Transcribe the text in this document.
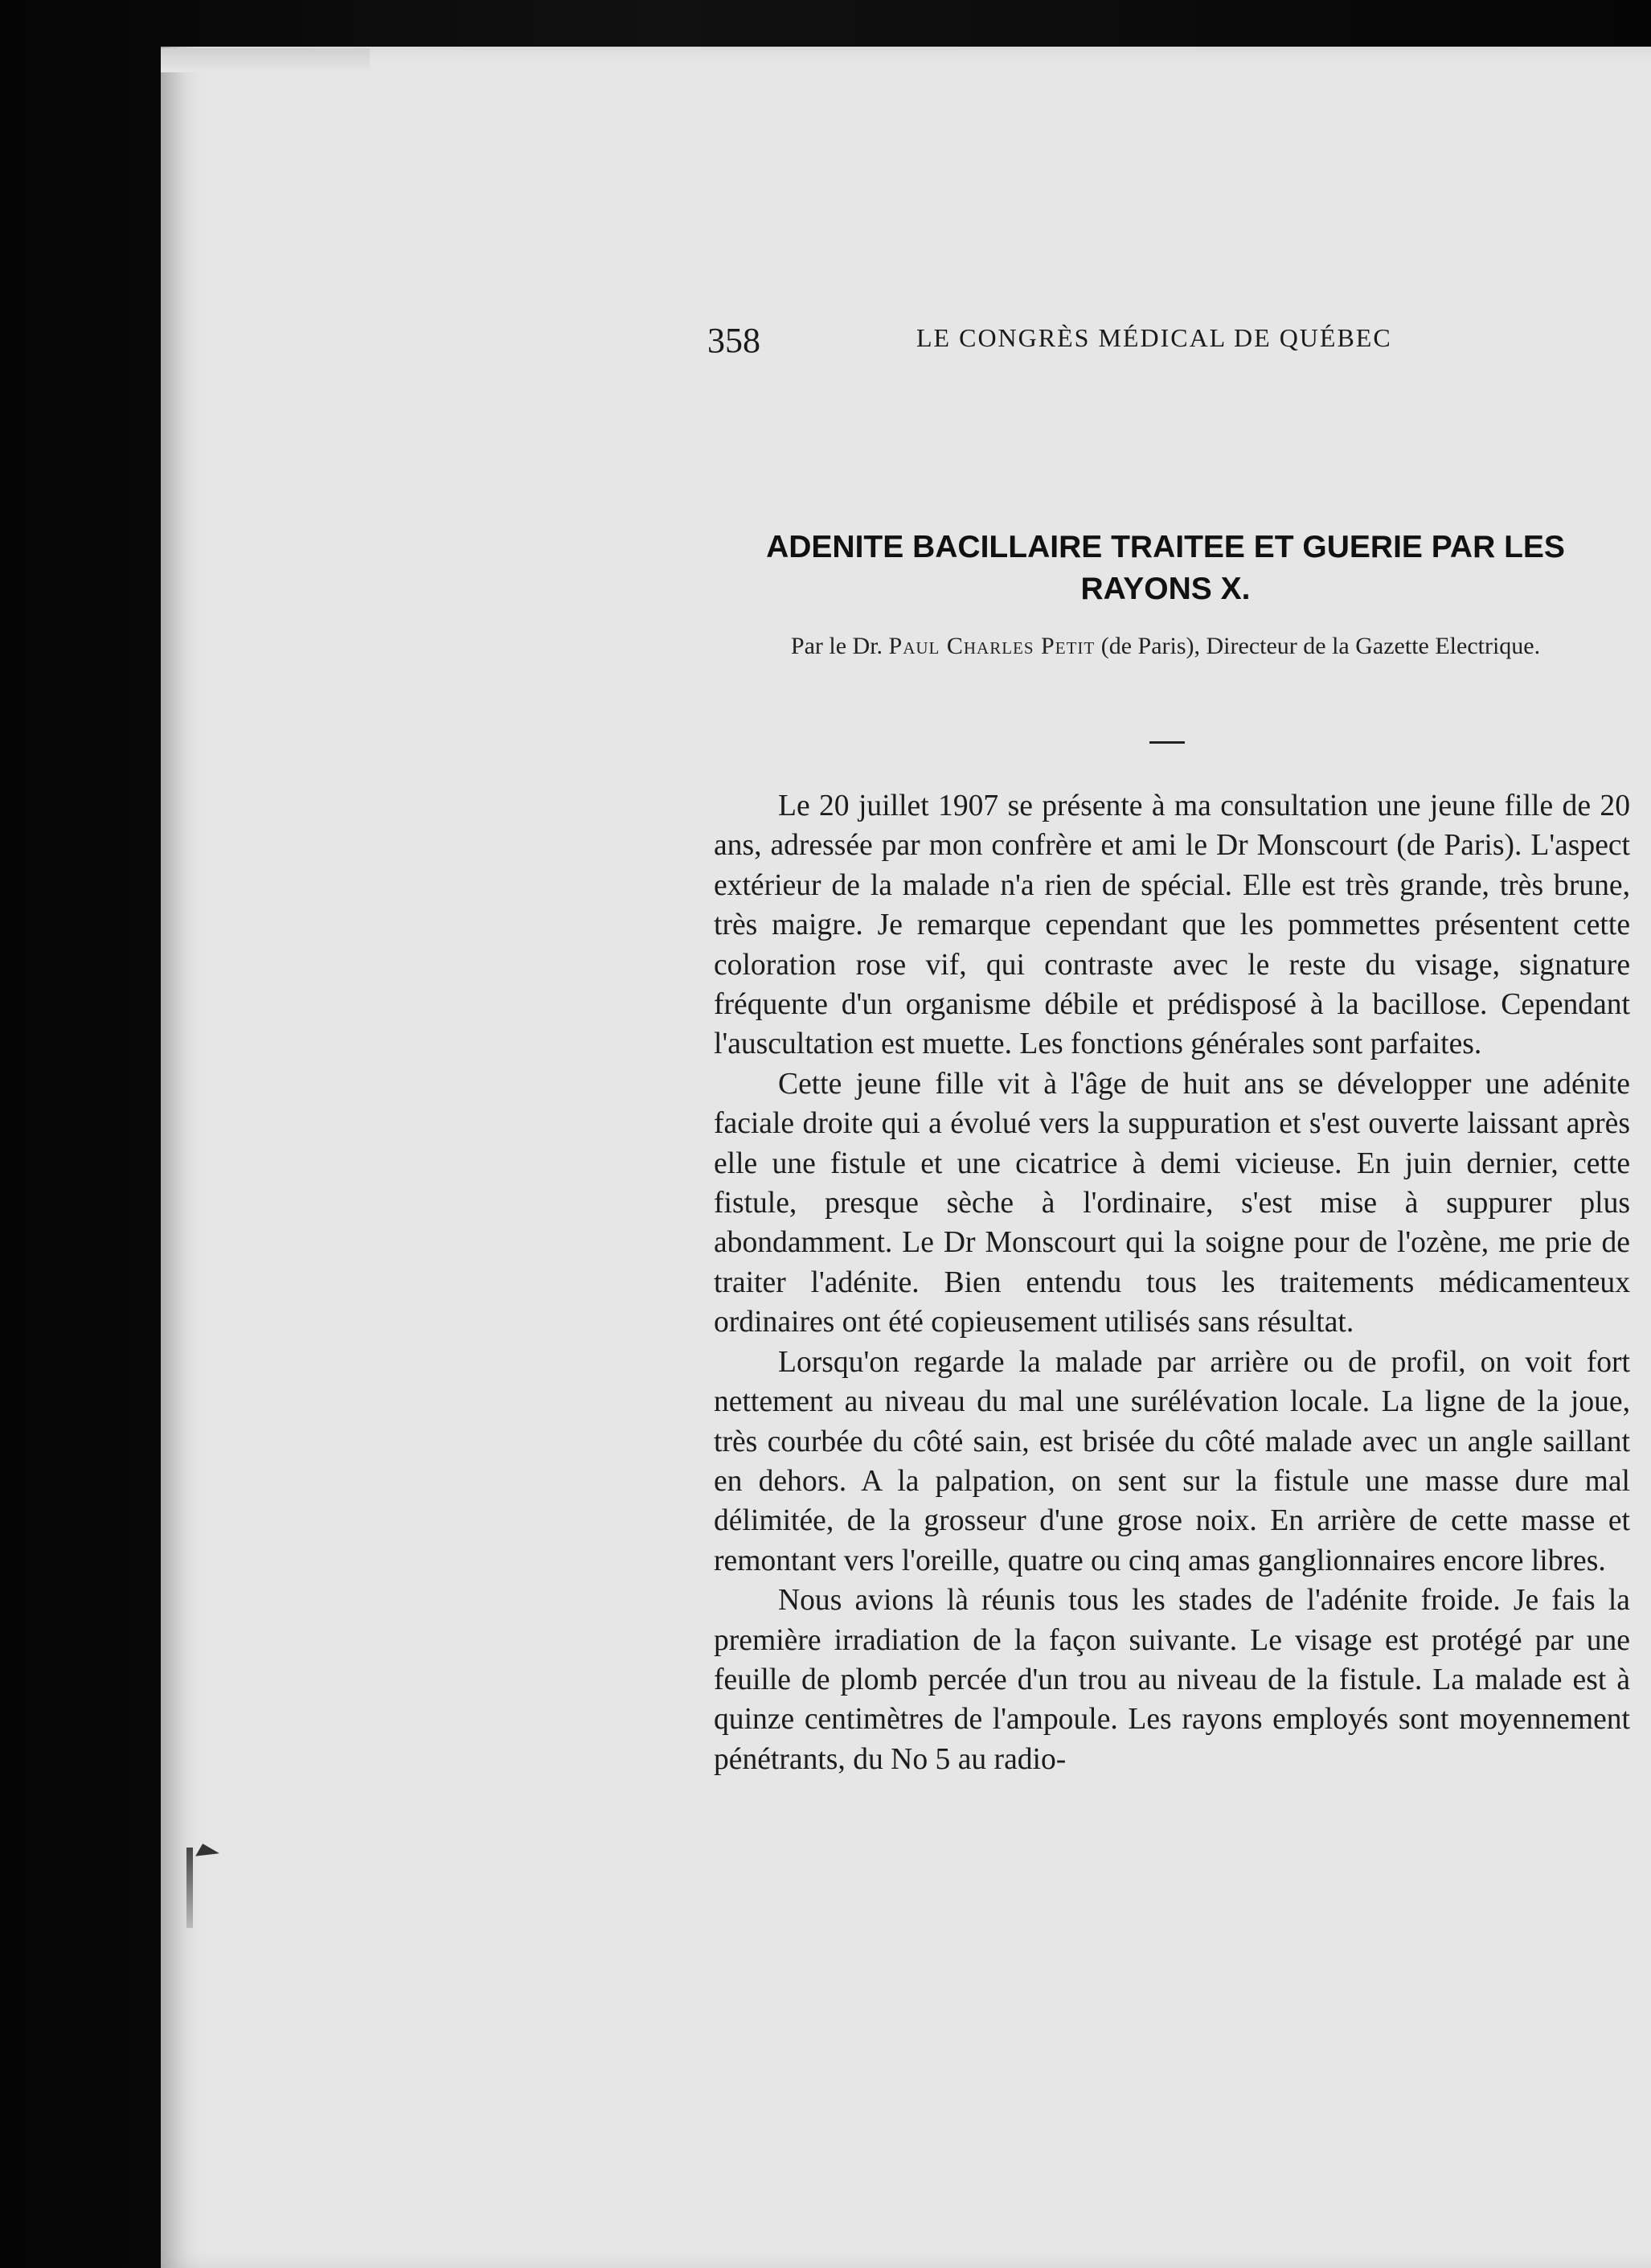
358	LE CONGRÈS MÉDICAL DE QUÉBEC
ADENITE BACILLAIRE TRAITEE ET GUERIE PAR LES RAYONS X.
Par le Dr. Paul Charles Petit (de Paris), Directeur de la Gazette Electrique.

Le 20 juillet 1907 se présente à ma consultation une jeune fille de 20 ans, adressée par mon confrère et ami le Dr Monscourt (de Paris). L'aspect extérieur de la malade n'a rien de spécial. Elle est très grande, très brune, très maigre. Je remarque cependant que les pommettes présentent cette coloration rose vif, qui contraste avec le reste du visage, signature fréquente d'un organisme débile et prédisposé à la bacillose. Cependant l'auscultation est muette. Les fonctions générales sont parfaites.

Cette jeune fille vit à l'âge de huit ans se développer une adénite faciale droite qui a évolué vers la suppuration et s'est ouverte laissant après elle une fistule et une cicatrice à demi vicieuse. En juin dernier, cette fistule, presque sèche à l'ordinaire, s'est mise à suppurer plus abondamment. Le Dr Monscourt qui la soigne pour de l'ozène, me prie de traiter l'adénite. Bien entendu tous les traitements médicamenteux ordinaires ont été copieusement utilisés sans résultat.

Lorsqu'on regarde la malade par arrière ou de profil, on voit fort nettement au niveau du mal une surélévation locale. La ligne de la joue, très courbée du côté sain, est brisée du côté malade avec un angle saillant en dehors. A la palpation, on sent sur la fistule une masse dure mal délimitée, de la grosseur d'une grose noix. En arrière de cette masse et remontant vers l'oreille, quatre ou cinq amas ganglionnaires encore libres.

Nous avions là réunis tous les stades de l'adénite froide. Je fais la première irradiation de la façon suivante. Le visage est protégé par une feuille de plomb percée d'un trou au niveau de la fistule. La malade est à quinze centimètres de l'ampoule. Les rayons employés sont moyennement pénétrants, du No 5 au radio-
